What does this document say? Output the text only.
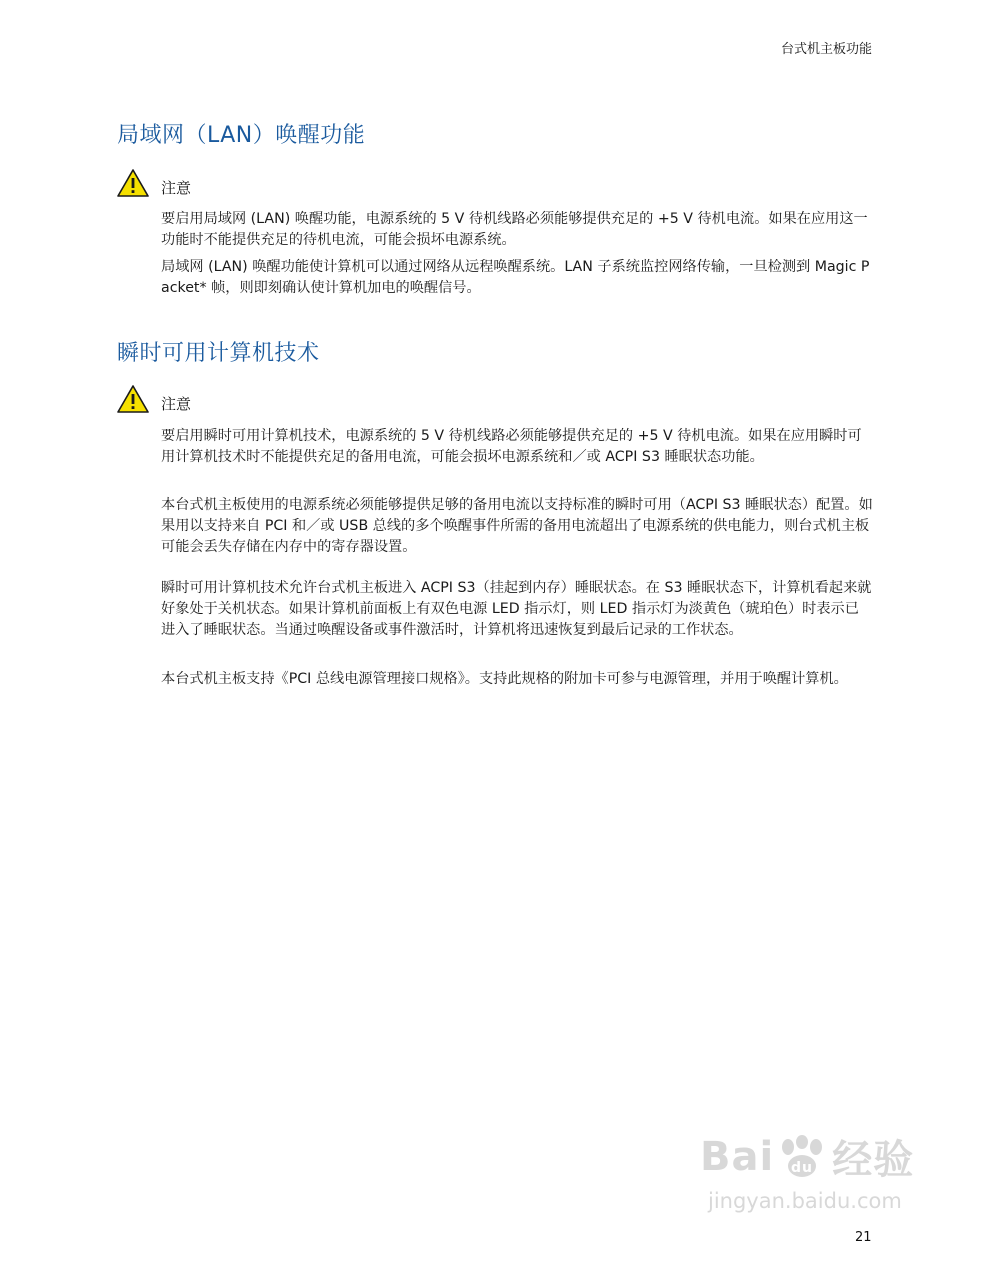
台式机主板功能
局域网（LAN）唤醒功能
注意

要启用局域网 (LAN) 唤醒功能，电源系统的 5 V 待机线路必须能够提供充足的 +5 V 待机电流。如果在应用这一功能时不能提供充足的待机电流，可能会损坏电源系统。

局域网 (LAN) 唤醒功能使计算机可以通过网络从远程唤醒系统。LAN 子系统监控网络传输，一旦检测到 Magic Packet* 帧，则即刻确认使计算机加电的唤醒信号。

瞬时可用计算机技术
注意

要启用瞬时可用计算机技术，电源系统的 5 V 待机线路必须能够提供充足的 +5 V 待机电流。如果在应用瞬时可用计算机技术时不能提供充足的备用电流，可能会损坏电源系统和／或 ACPI S3 睡眠状态功能。

本台式机主板使用的电源系统必须能够提供足够的备用电流以支持标准的瞬时可用（ACPI S3 睡眠状态）配置。如果用以支持来自 PCI 和／或 USB 总线的多个唤醒事件所需的备用电流超出了电源系统的供电能力，则台式机主板可能会丢失存储在内存中的寄存器设置。

瞬时可用计算机技术允许台式机主板进入 ACPI S3（挂起到内存）睡眠状态。在 S3 睡眠状态下，计算机看起来就好象处于关机状态。如果计算机前面板上有双色电源 LED 指示灯，则 LED 指示灯为淡黄色（琥珀色）时表示已进入了睡眠状态。当通过唤醒设备或事件激活时，计算机将迅速恢复到最后记录的工作状态。

本台式机主板支持《PCI 总线电源管理接口规格》。支持此规格的附加卡可参与电源管理，并用于唤醒计算机。

Bai du 经验
jingyan.baidu.com
21
